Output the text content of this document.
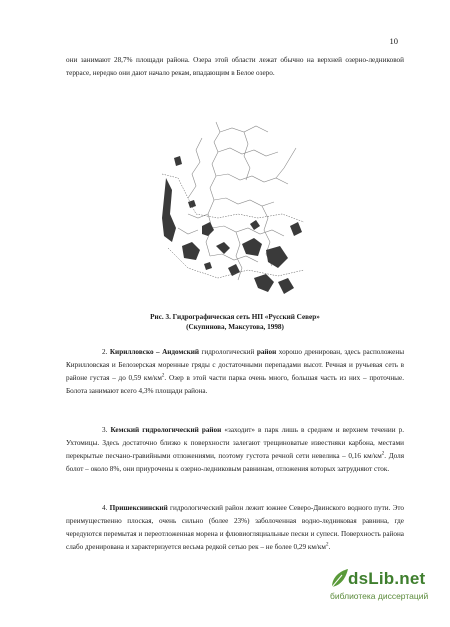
10

они занимают 28,7% площади района. Озера этой области лежат обычно на верхней озерно-ледниковой террасе, нередко они дают начало рекам, впадающим в Белое озеро.

Рис. 3. Гидрографическая сеть НП «Русский Север»
(Скупинова, Максутова, 1998)

2. Кирилловско – Андомский гидрологический район хорошо дренирован, здесь расположены Кирилловская и Белозерская моренные гряды с достаточными перепадами высот. Речная и ручьевая сеть в районе густая – до 0,59 $км/км^2$. Озер в этой части парка очень много, большая часть из них – проточные. Болота занимают всего 4,3% площади района.

3. Кемский гидрологический район «заходит» в парк лишь в среднем и верхнем течении р. Ухтомицы. Здесь достаточно близко к поверхности залегают трещиноватые известняки карбона, местами перекрытые песчано-гравийными отложениями, поэтому густота речной сети невелика – 0,16 $км/км^2$. Доля болот – около 8%, они приурочены к озерно-ледниковым равнинам, отложения которых затрудняют сток.

4. Пришекснинский гидрологический район лежит южнее Северо-Двинского водного пути. Это преимущественно плоская, очень сильно (более 23%) заболоченная водно-ледниковая равнина, где чередуются перемытая и переотложенная морена и флювиогляциальные пески и супеси. Поверхность района слабо дренирована и характеризуется весьма редкой сетью рек – не более 0,29 $км/км^2$.

dsLib.net
библиотека диссертаций
